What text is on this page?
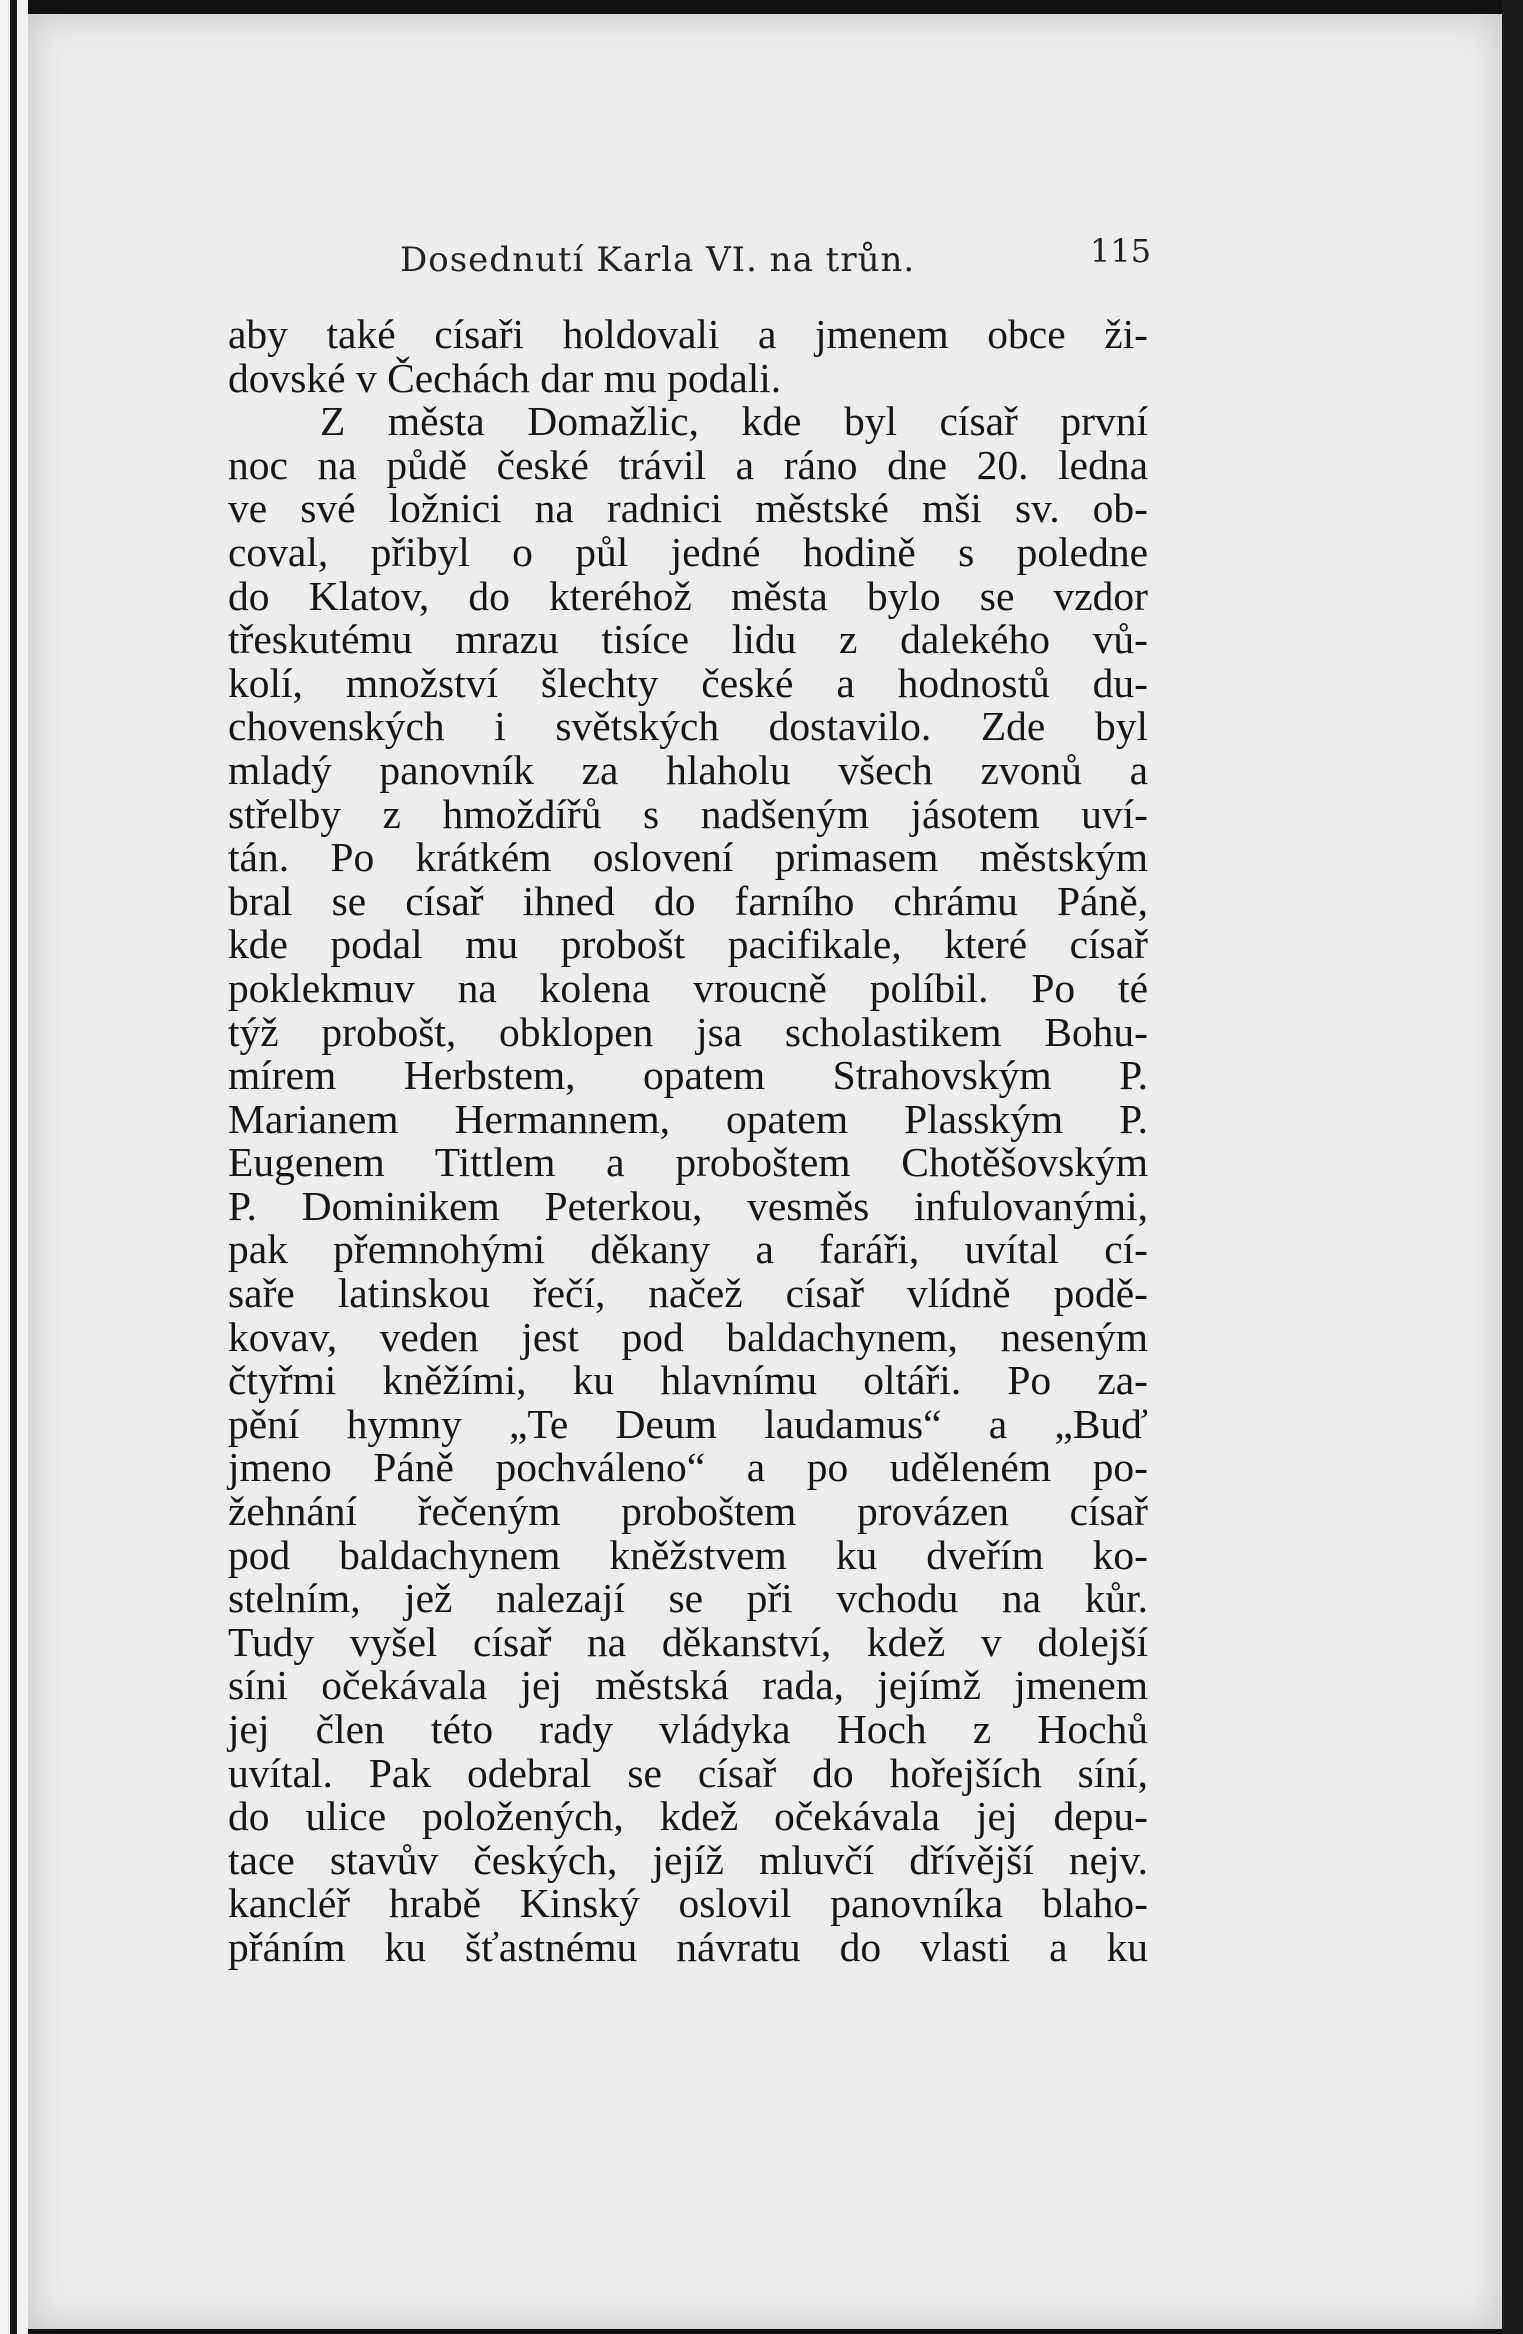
Dosednutí Karla VI. na trůn.	115
aby také císaři holdovali a jmenem obce ži-
dovské v Čechách dar mu podali.
Z města Domažlic, kde byl císař první
noc na půdě české trávil a ráno dne 20. ledna
ve své ložnici na radnici městské mši sv. ob-
coval, přibyl o půl jedné hodině s poledne
do Klatov, do kteréhož města bylo se vzdor
třeskutému mrazu tisíce lidu z dalekého vů-
kolí, množství šlechty české a hodnostů du-
chovenských i světských dostavilo. Zde byl
mladý panovník za hlaholu všech zvonů a
střelby z hmoždířů s nadšeným jásotem uví-
tán. Po krátkém oslovení primasem městským
bral se císař ihned do farního chrámu Páně,
kde podal mu probošt pacifikale, které císař
poklekmuv na kolena vroucně políbil. Po té
týž probošt, obklopen jsa scholastikem Bohu-
mírem Herbstem, opatem Strahovským P.
Marianem Hermannem, opatem Plasským P.
Eugenem Tittlem a proboštem Chotěšovským
P. Dominikem Peterkou, vesměs infulovanými,
pak přemnohými děkany a faráři, uvítal cí-
saře latinskou řečí, načež císař vlídně podě-
kovav, veden jest pod baldachynem, neseným
čtyřmi kněžími, ku hlavnímu oltáři. Po za-
pění hymny „Te Deum laudamus“ a „Buď
jmeno Páně pochváleno“ a po uděleném po-
žehnání řečeným proboštem provázen císař
pod baldachynem kněžstvem ku dveřím ko-
stelním, jež nalezají se při vchodu na kůr.
Tudy vyšel císař na děkanství, kdež v dolejší
síni očekávala jej městská rada, jejímž jmenem
jej člen této rady vládyka Hoch z Hochů
uvítal. Pak odebral se císař do hořejších síní,
do ulice položených, kdež očekávala jej depu-
tace stavův českých, jejíž mluvčí dřívější nejv.
kancléř hrabě Kinský oslovil panovníka blaho-
přáním ku šťastnému návratu do vlasti a ku
